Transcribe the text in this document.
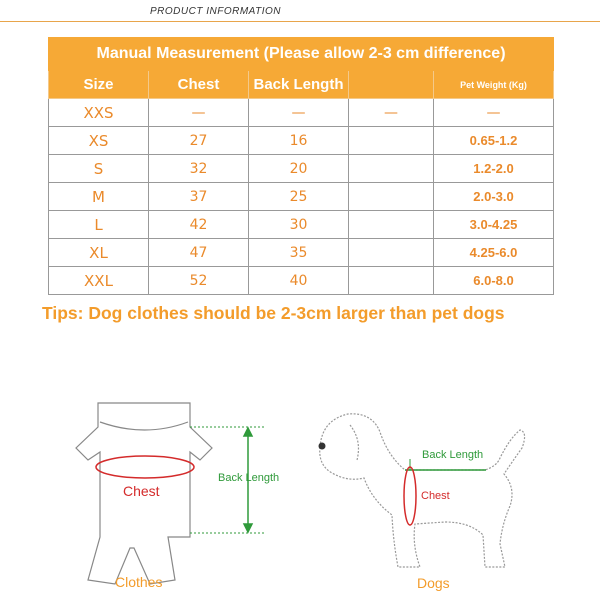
PRODUCT INFORMATION
Manual Measurement (Please allow 2-3 cm difference)				
Size	Chest	Back Length		Pet Weight (Kg)
XXS	—	—	—	—
XS	27	16		0.65-1.2
S	32	20		1.2-2.0
M	37	25		2.0-3.0
L	42	30		3.0-4.25
XL	47	35		4.25-6.0
XXL	52	40		6.0-8.0
Tips: Dog clothes should be 2-3cm larger than pet dogs
Chest
Back Length
Clothes
Back Length
Chest
Dogs
